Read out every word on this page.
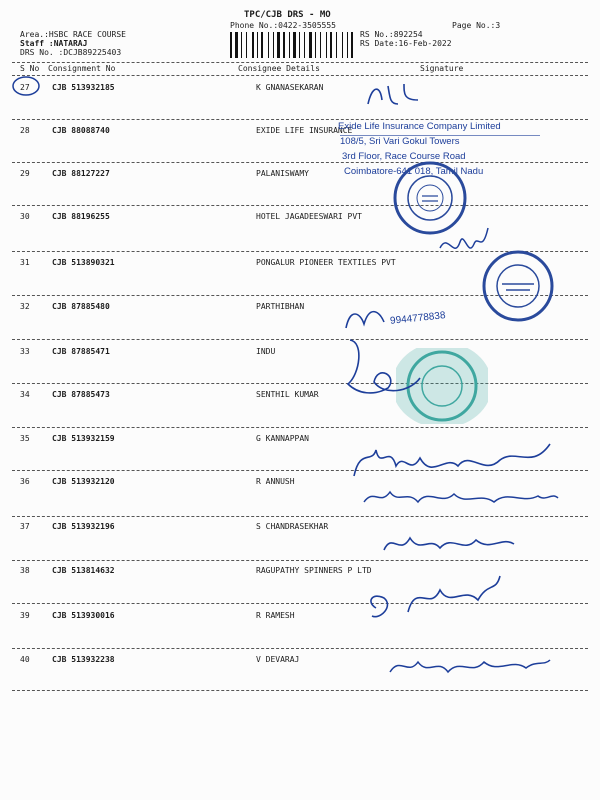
TPC/CJB DRS - MO
Phone No.:0422-3505555
Area.:HSBC RACE COURSE
Staff :NATARAJ
DRS No. :DCJB89225403
RS No.:892254
RS Date:16-Feb-2022
Page No.:3
S No Consignment No	Consignee Details	Signature
27	CJB 513932185	K GNANASEKARAN
28	CJB 88088740	EXIDE LIFE INSURANCE
29	CJB 88127227	PALANISWAMY
30	CJB 88196255	HOTEL JAGADEESWARI PVT
31	CJB 513890321	PONGALUR PIONEER TEXTILES PVT
32	CJB 87885480	PARTHIBHAN
33	CJB 87885471	INDU
34	CJB 87885473	SENTHIL KUMAR
35	CJB 513932159	G KANNAPPAN
36	CJB 513932120	R ANNUSH
37	CJB 513932196	S CHANDRASEKHAR
38	CJB 513814632	RAGUPATHY SPINNERS P LTD
39	CJB 513930016	R RAMESH
40	CJB 513932238	V DEVARAJ
Exide Life Insurance Company Limited
108/5, Sri Vari Gokul Towers
3rd Floor, Race Course Road
Coimbatore-641 018, Tamil Nadu
9944778838
